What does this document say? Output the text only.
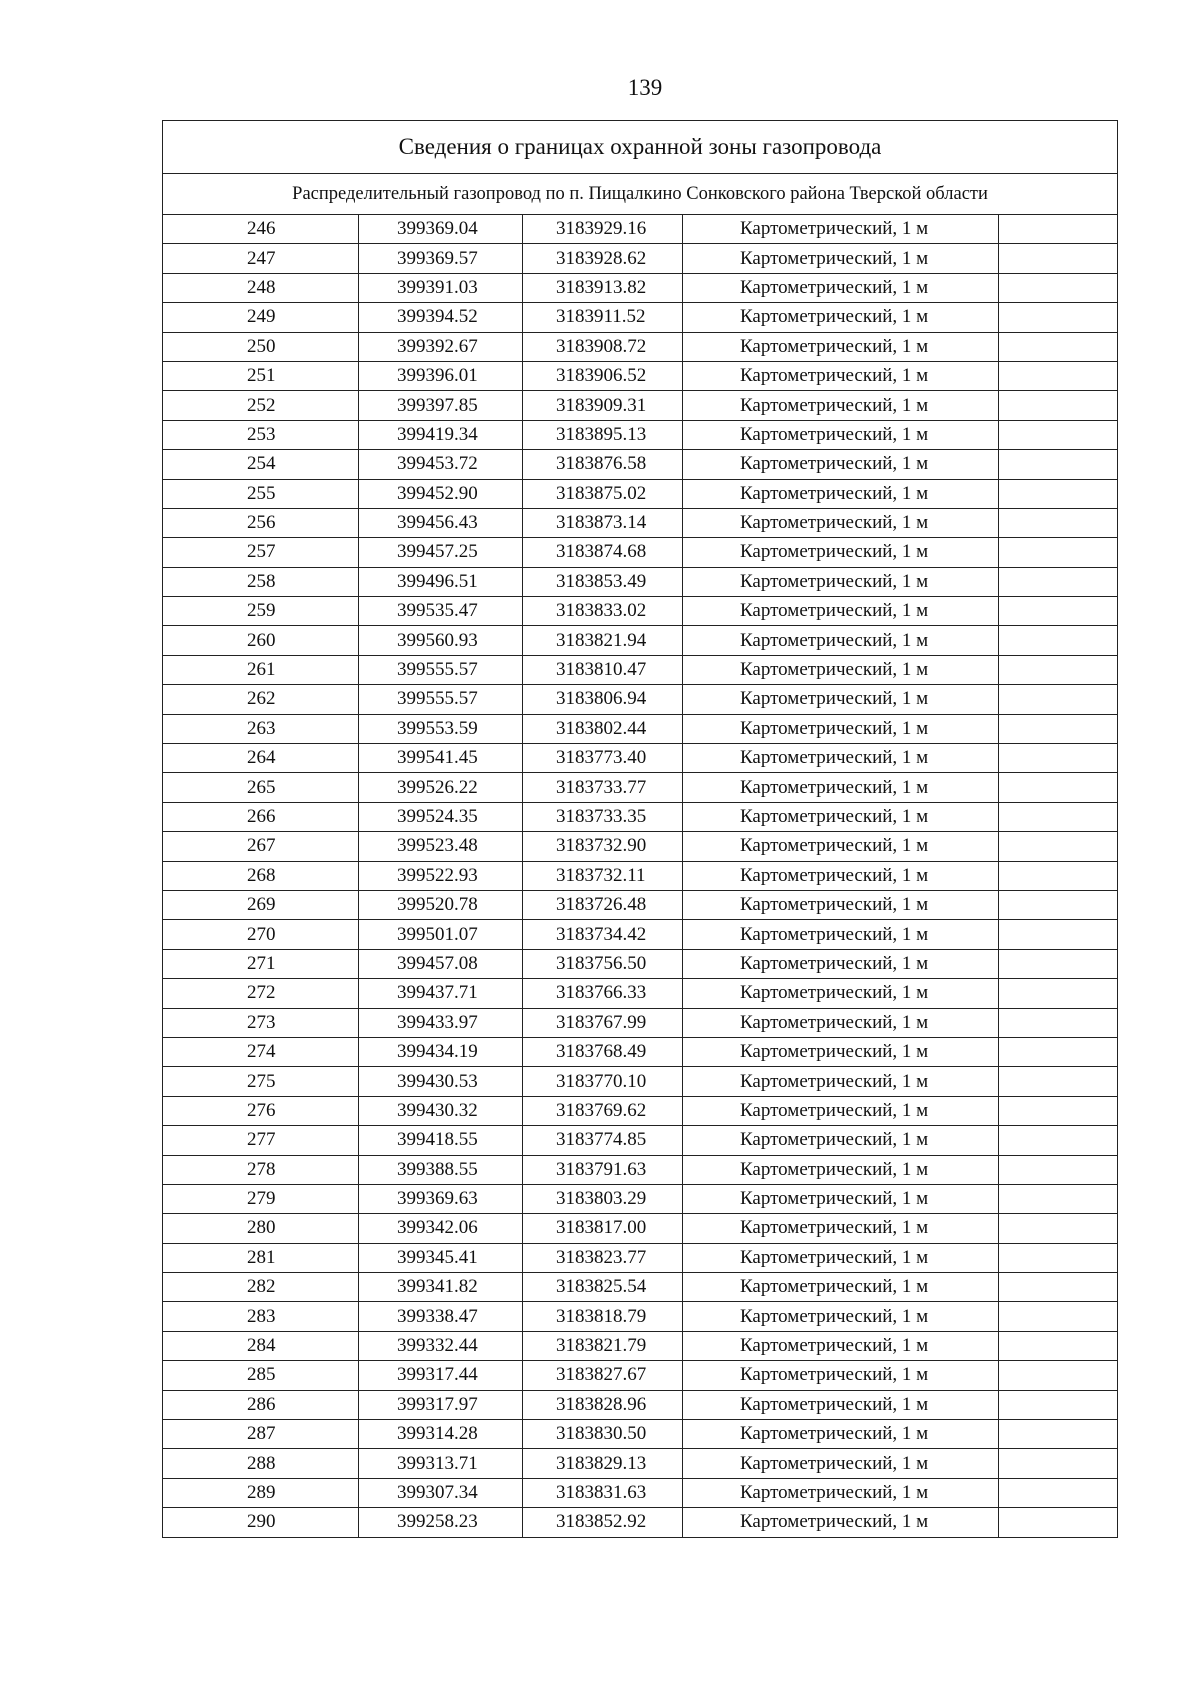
139
Сведения о границах охранной зоны газопровода				
Распределительный газопровод по п. Пищалкино Сонковского района Тверской области				
246	399369.04	3183929.16	Картометрический, 1 м	
247	399369.57	3183928.62	Картометрический, 1 м	
248	399391.03	3183913.82	Картометрический, 1 м	
249	399394.52	3183911.52	Картометрический, 1 м	
250	399392.67	3183908.72	Картометрический, 1 м	
251	399396.01	3183906.52	Картометрический, 1 м	
252	399397.85	3183909.31	Картометрический, 1 м	
253	399419.34	3183895.13	Картометрический, 1 м	
254	399453.72	3183876.58	Картометрический, 1 м	
255	399452.90	3183875.02	Картометрический, 1 м	
256	399456.43	3183873.14	Картометрический, 1 м	
257	399457.25	3183874.68	Картометрический, 1 м	
258	399496.51	3183853.49	Картометрический, 1 м	
259	399535.47	3183833.02	Картометрический, 1 м	
260	399560.93	3183821.94	Картометрический, 1 м	
261	399555.57	3183810.47	Картометрический, 1 м	
262	399555.57	3183806.94	Картометрический, 1 м	
263	399553.59	3183802.44	Картометрический, 1 м	
264	399541.45	3183773.40	Картометрический, 1 м	
265	399526.22	3183733.77	Картометрический, 1 м	
266	399524.35	3183733.35	Картометрический, 1 м	
267	399523.48	3183732.90	Картометрический, 1 м	
268	399522.93	3183732.11	Картометрический, 1 м	
269	399520.78	3183726.48	Картометрический, 1 м	
270	399501.07	3183734.42	Картометрический, 1 м	
271	399457.08	3183756.50	Картометрический, 1 м	
272	399437.71	3183766.33	Картометрический, 1 м	
273	399433.97	3183767.99	Картометрический, 1 м	
274	399434.19	3183768.49	Картометрический, 1 м	
275	399430.53	3183770.10	Картометрический, 1 м	
276	399430.32	3183769.62	Картометрический, 1 м	
277	399418.55	3183774.85	Картометрический, 1 м	
278	399388.55	3183791.63	Картометрический, 1 м	
279	399369.63	3183803.29	Картометрический, 1 м	
280	399342.06	3183817.00	Картометрический, 1 м	
281	399345.41	3183823.77	Картометрический, 1 м	
282	399341.82	3183825.54	Картометрический, 1 м	
283	399338.47	3183818.79	Картометрический, 1 м	
284	399332.44	3183821.79	Картометрический, 1 м	
285	399317.44	3183827.67	Картометрический, 1 м	
286	399317.97	3183828.96	Картометрический, 1 м	
287	399314.28	3183830.50	Картометрический, 1 м	
288	399313.71	3183829.13	Картометрический, 1 м	
289	399307.34	3183831.63	Картометрический, 1 м	
290	399258.23	3183852.92	Картометрический, 1 м	
